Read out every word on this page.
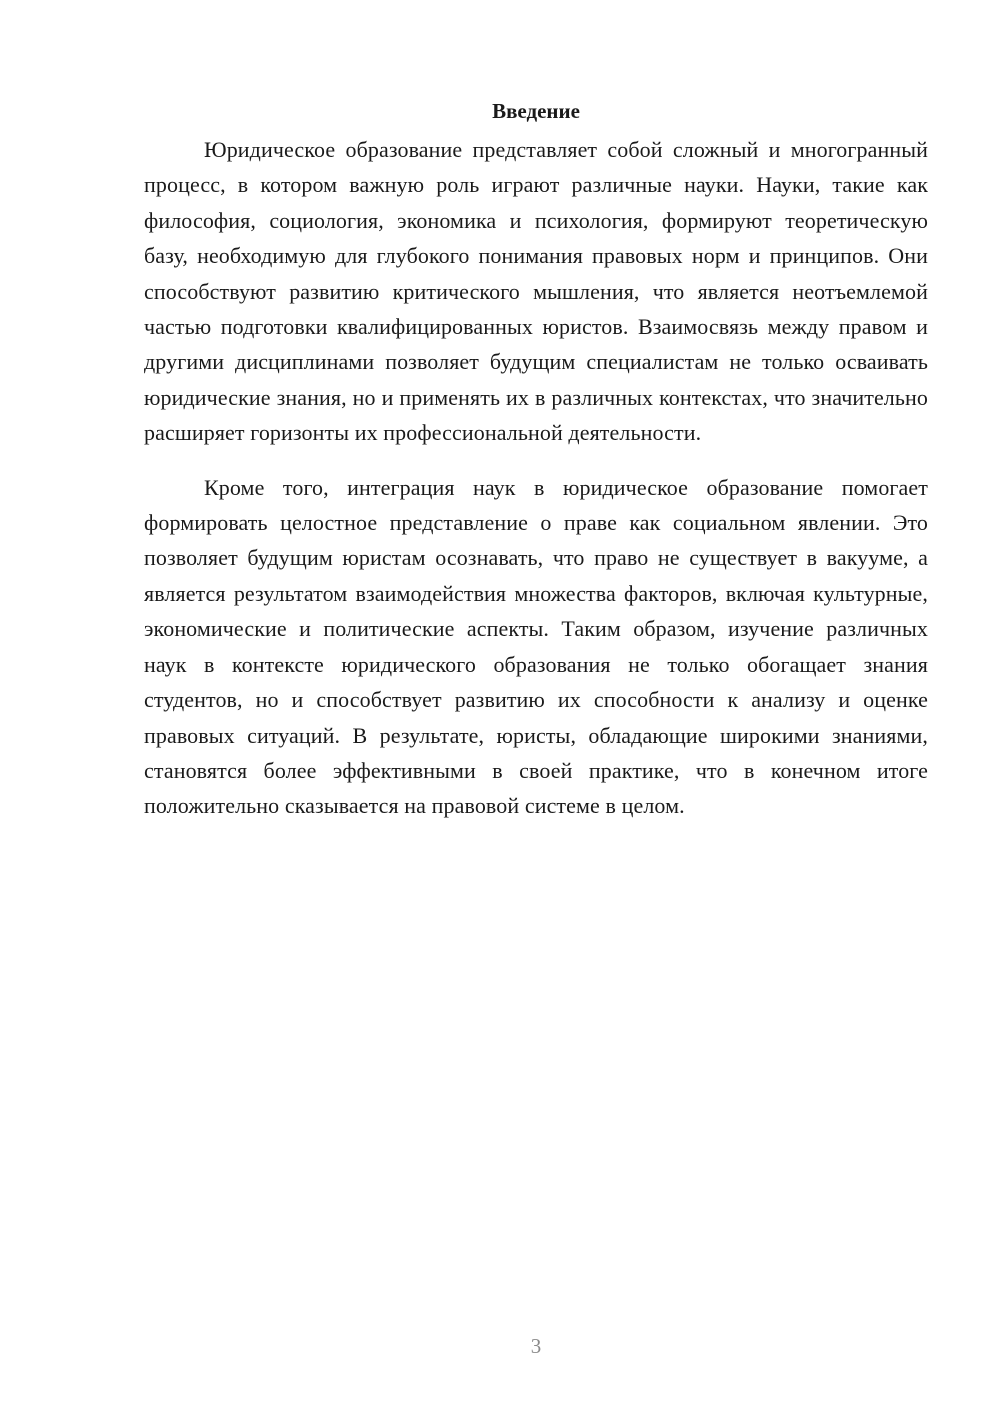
Введение

Юридическое образование представляет собой сложный и многогранный процесс, в котором важную роль играют различные науки. Науки, такие как философия, социология, экономика и психология, формируют теоретическую базу, необходимую для глубокого понимания правовых норм и принципов. Они способствуют развитию критического мышления, что является неотъемлемой частью подготовки квалифицированных юристов. Взаимосвязь между правом и другими дисциплинами позволяет будущим специалистам не только осваивать юридические знания, но и применять их в различных контекстах, что значительно расширяет горизонты их профессиональной деятельности.

Кроме того, интеграция наук в юридическое образование помогает формировать целостное представление о праве как социальном явлении. Это позволяет будущим юристам осознавать, что право не существует в вакууме, а является результатом взаимодействия множества факторов, включая культурные, экономические и политические аспекты. Таким образом, изучение различных наук в контексте юридического образования не только обогащает знания студентов, но и способствует развитию их способности к анализу и оценке правовых ситуаций. В результате, юристы, обладающие широкими знаниями, становятся более эффективными в своей практике, что в конечном итоге положительно сказывается на правовой системе в целом.

3
